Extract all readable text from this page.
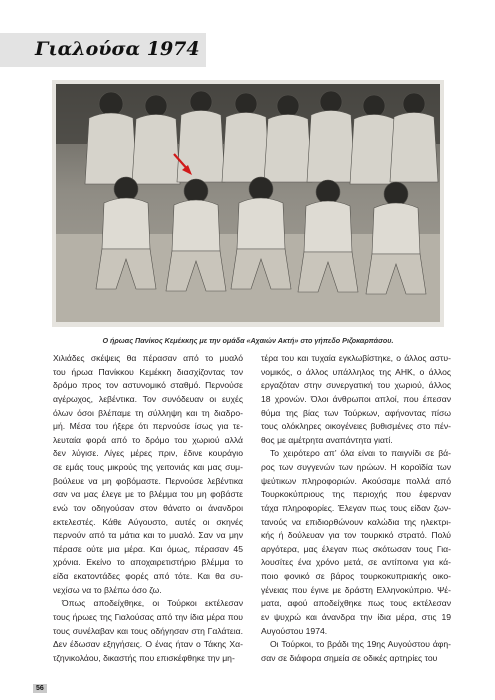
Γιαλούσα 1974
Ο ήρωας Πανίκος Κεμέκκης με την ομάδα «Αχαιών Ακτή» στο γήπεδο Ριζοκαρπάσου.
Χιλιάδες σκέψεις θα πέρασαν από το μυαλό
του ήρωα Πανίκκου Κεμέκκη διασχίζοντας τον
δρόμο προς τον αστυνομικό σταθμό. Περνούσε
αγέρωχος, λεβέντικα. Τον συνόδευαν οι ευχές
όλων όσοι βλέπαμε τη σύλληψη και τη διαδρο-
μή. Μέσα του ήξερε ότι περνούσε ίσως για τε-
λευταία φορά από το δρόμο του χωριού αλλά
δεν λύγισε. Λίγες μέρες πριν, έδινε κουράγιο
σε εμάς τους μικρούς της γειτονιάς και μας συμ-
βούλευε να μη φοβόμαστε. Περνούσε λεβέντικα
σαν να μας έλεγε με το βλέμμα του μη φοβάστε
ενώ τον οδηγούσαν στον θάνατο οι άνανδροι
εκτελεστές. Κάθε Αύγουστο, αυτές οι σκηνές
περνούν από τα μάτια και το μυαλό. Σαν να μην
πέρασε ούτε μια μέρα. Και όμως, πέρασαν 45
χρόνια. Εκείνο το αποχαιρετιστήριο βλέμμα το
είδα εκατοντάδες φορές από τότε. Και θα συ-
νεχίσω να το βλέπω όσο ζω.
Όπως αποδείχθηκε, οι Τούρκοι εκτέλεσαν
τους ήρωες της Γιαλούσας από την ίδια μέρα που
τους συνέλαβαν και τους οδήγησαν στη Γαλάτεια.
Δεν έδωσαν εξηγήσεις. Ο ένας ήταν ο Τάκης Χα-
τζηνικολάου, δικαστής που επισκέφθηκε την μη-
τέρα του και τυχαία εγκλωβίστηκε, ο άλλος αστυ-
νομικός, ο άλλος υπάλληλος της ΑΗΚ, ο άλλος
εργαζόταν στην συνεργατική του χωριού, άλλος
18 χρονών. Όλοι άνθρωποι απλοί, που έπεσαν
θύμα της βίας των Τούρκων, αφήνοντας πίσω
τους ολόκληρες οικογένειες βυθισμένες στο πέν-
θος με αμέτρητα αναπάντητα γιατί.
Το χειρότερο απ’ όλα είναι το παιγνίδι σε βά-
ρος των συγγενών των ηρώων. Η κοροϊδία των
ψεύτικων πληροφοριών. Ακούσαμε πολλά από
Τουρκοκύπριους της περιοχής που έφερναν
τάχα πληροφορίες. Έλεγαν πως τους είδαν ζων-
τανούς να επιδιορθώνουν καλώδια της ηλεκτρι-
κής ή δούλευαν για τον τουρκικό στρατό. Πολύ
αργότερα, μας έλεγαν πως σκότωσαν τους Για-
λουσίτες ένα χρόνο μετά, σε αντίποινα για κά-
ποιο φονικό σε βάρος τουρκοκυπριακής οικο-
γένειας που έγινε με δράστη Ελληνοκύπριο. Ψέ-
ματα, αφού αποδείχθηκε πως τους εκτέλεσαν
εν ψυχρώ και άνανδρα την ίδια μέρα, στις 19
Αυγούστου 1974.
Οι Τούρκοι, το βράδι της 19ης Αυγούστου άφη-
σαν σε διάφορα σημεία σε οδικές αρτηρίες του
56
